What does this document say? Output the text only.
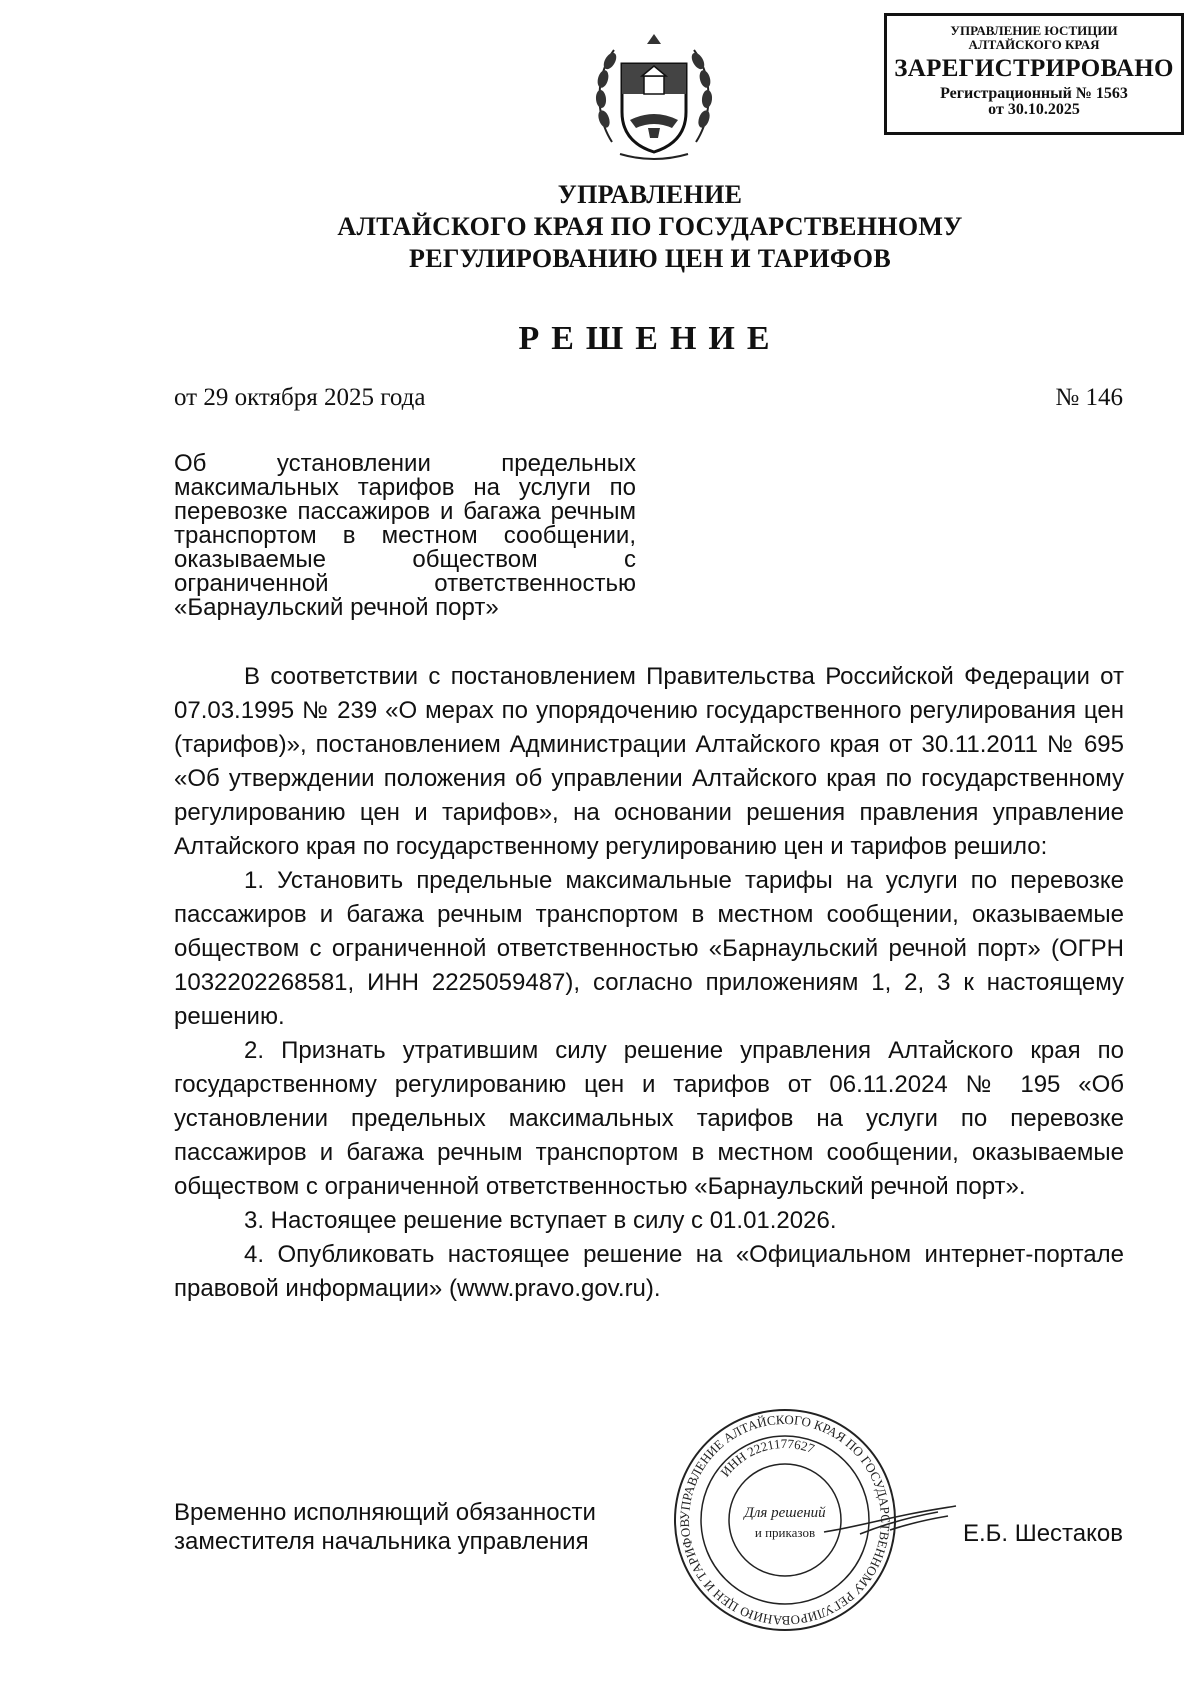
УПРАВЛЕНИЕ ЮСТИЦИИ
АЛТАЙСКОГО КРАЯ
ЗАРЕГИСТРИРОВАНО
Регистрационный № 1563
от 30.10.2025
УПРАВЛЕНИЕ
АЛТАЙСКОГО КРАЯ ПО ГОСУДАРСТВЕННОМУ
РЕГУЛИРОВАНИЮ ЦЕН И ТАРИФОВ
РЕШЕНИЕ
от 29 октября 2025 года	№ 146
Об установлении предельных максимальных тарифов на услуги по перевозке пассажиров и багажа речным транспортом в местном сообщении, оказываемые обществом с ограниченной ответственностью «Барнаульский речной порт»

В соответствии с постановлением Правительства Российской Федерации от 07.03.1995 № 239 «О мерах по упорядочению государственного регулирования цен (тарифов)», постановлением Администрации Алтайского края от 30.11.2011 № 695 «Об утверждении положения об управлении Алтайского края по государственному регулированию цен и тарифов», на основании решения правления управление Алтайского края по государственному регулированию цен и тарифов решило:

1. Установить предельные максимальные тарифы на услуги по перевозке пассажиров и багажа речным транспортом в местном сообщении, оказываемые обществом с ограниченной ответственностью «Барнаульский речной порт» (ОГРН 1032202268581, ИНН 2225059487), согласно приложениям 1, 2, 3 к настоящему решению.

2. Признать утратившим силу решение управления Алтайского края по государственному регулированию цен и тарифов от 06.11.2024 № 195 «Об установлении предельных максимальных тарифов на услуги по перевозке пассажиров и багажа речным транспортом в местном сообщении, оказываемые обществом с ограниченной ответственностью «Барнаульский речной порт».

3. Настоящее решение вступает в силу с 01.01.2026.

4. Опубликовать настоящее решение на «Официальном интернет-портале правовой информации» (www.pravo.gov.ru).

Временно исполняющий обязанности
заместителя начальника управления
УПРАВЛЕНИЕ АЛТАЙСКОГО КРАЯ ПО ГОСУДАРСТВЕННОМУ РЕГУЛИРОВАНИЮ ЦЕН И ТАРИФОВ
ИНН 2221177627
Для решений
и приказов	Е.Б. Шестаков
